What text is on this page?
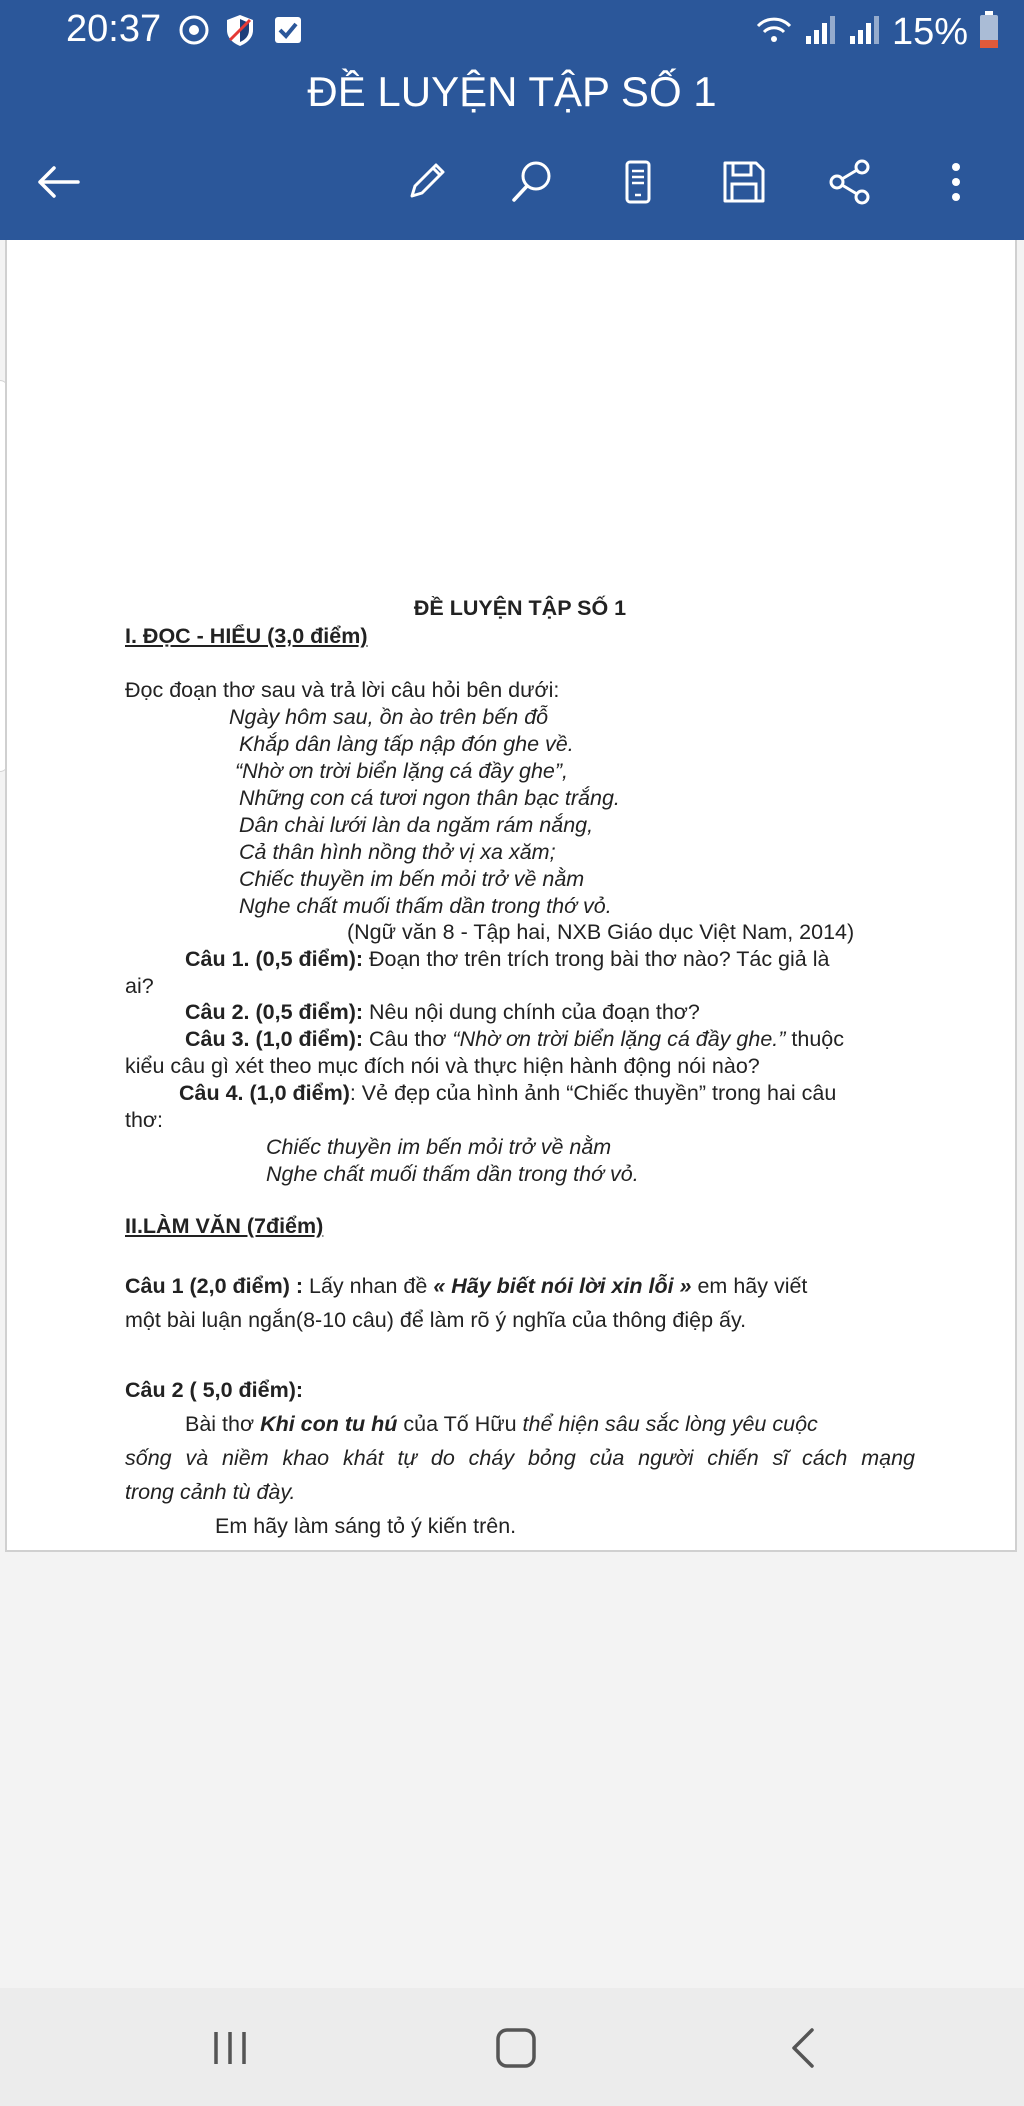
20:37	15%
ĐỀ LUYỆN TẬP SỐ 1
ĐỀ LUYỆN TẬP SỐ 1
I. ĐỌC - HIỂU (3,0 điểm)
Đọc đoạn thơ sau và trả lời câu hỏi bên dưới:
Ngày hôm sau, ồn ào trên bến đỗ
Khắp dân làng tấp nập đón ghe về.
“Nhờ ơn trời biển lặng cá đầy ghe”,
Những con cá tươi ngon thân bạc trắng.
Dân chài lưới làn da ngăm rám nắng,
Cả thân hình nồng thở vị xa xăm;
Chiếc thuyền im bến mỏi trở về nằm
Nghe chất muối thấm dần trong thớ vỏ.
(Ngữ văn 8 - Tập hai, NXB Giáo dục Việt Nam, 2014)
Câu 1. (0,5 điểm): Đoạn thơ trên trích trong bài thơ nào? Tác giả là
ai?
Câu 2. (0,5 điểm): Nêu nội dung chính của đoạn thơ?
Câu 3. (1,0 điểm): Câu thơ “Nhờ ơn trời biển lặng cá đầy ghe.” thuộc
kiểu câu gì xét theo mục đích nói và thực hiện hành động nói nào?
Câu 4. (1,0 điểm): Vẻ đẹp của hình ảnh “Chiếc thuyền” trong hai câu
thơ:
Chiếc thuyền im bến mỏi trở về nằm
Nghe chất muối thấm dần trong thớ vỏ.
II.LÀM VĂN (7điểm)
Câu 1 (2,0 điểm) : Lấy nhan đề « Hãy biết nói lời xin lỗi » em hãy viết
một bài luận ngắn(8-10 câu) để làm rõ ý nghĩa của thông điệp ấy.
Câu 2 ( 5,0 điểm):
Bài thơ Khi con tu hú của Tố Hữu thể hiện sâu sắc lòng yêu cuộc
sống và niềm khao khát tự do cháy bỏng của người chiến sĩ cách mạng
trong cảnh tù đày.
Em hãy làm sáng tỏ ý kiến trên.
